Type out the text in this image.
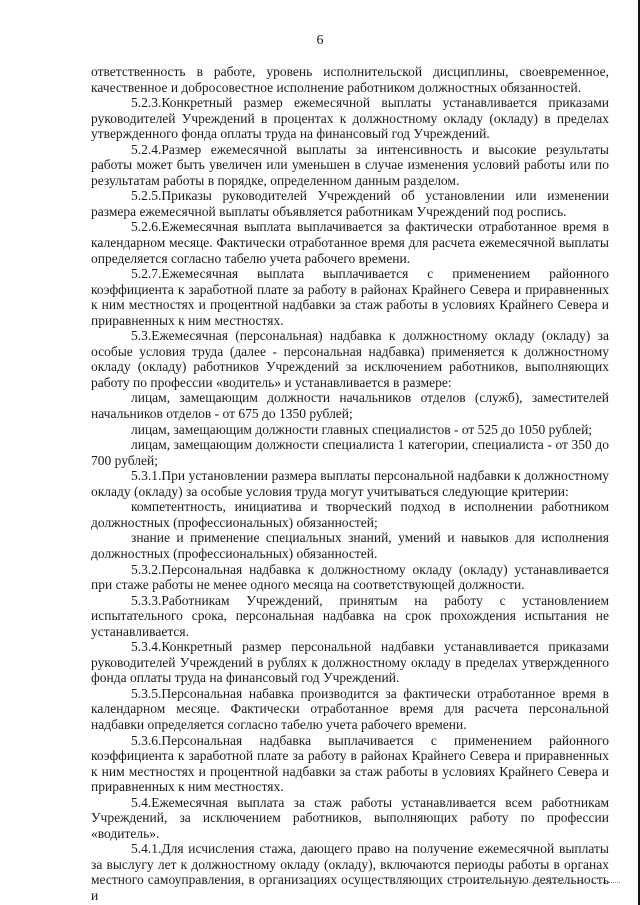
6

ответственность в работе, уровень исполнительской дисциплины, своевременное, качественное и добросовестное исполнение работником должностных обязанностей.

5.2.3.Конкретный размер ежемесячной выплаты устанавливается приказами руководителей Учреждений в процентах к должностному окладу (окладу) в пределах утвержденного фонда оплаты труда на финансовый год Учреждений.

5.2.4.Размер ежемесячной выплаты за интенсивность и высокие результаты работы может быть увеличен или уменьшен в случае изменения условий работы или по результатам работы в порядке, определенном данным разделом.

5.2.5.Приказы руководителей Учреждений об установлении или изменении размера ежемесячной выплаты объявляется работникам Учреждений под роспись.

5.2.6.Ежемесячная выплата выплачивается за фактически отработанное время в календарном месяце. Фактически отработанное время для расчета ежемесячной выплаты определяется согласно табелю учета рабочего времени.

5.2.7.Ежемесячная выплата выплачивается с применением районного коэффициента к заработной плате за работу в районах Крайнего Севера и приравненных к ним местностях и процентной надбавки за стаж работы в условиях Крайнего Севера и приравненных к ним местностях.

5.3.Ежемесячная (персональная) надбавка к должностному окладу (окладу) за особые условия труда (далее - персональная надбавка) применяется к должностному окладу (окладу) работников Учреждений за исключением работников, выполняющих работу по профессии «водитель» и устанавливается в размере:

лицам, замещающим должности начальников отделов (служб), заместителей начальников отделов - от 675 до 1350 рублей;

лицам, замещающим должности главных специалистов - от 525 до 1050 рублей;

лицам, замещающим должности специалиста 1 категории, специалиста - от 350 до 700 рублей;

5.3.1.При установлении размера выплаты персональной надбавки к должностному окладу (окладу) за особые условия труда могут учитываться следующие критерии:

компетентность, инициатива и творческий подход в исполнении работником должностных (профессиональных) обязанностей;

знание и применение специальных знаний, умений и навыков для исполнения должностных (профессиональных) обязанностей.

5.3.2.Персональная надбавка к должностному окладу (окладу) устанавливается при стаже работы не менее одного месяца на соответствующей должности.

5.3.3.Работникам Учреждений, принятым на работу с установлением испытательного срока, персональная надбавка на срок прохождения испытания не устанавливается.

5.3.4.Конкретный размер персональной надбавки устанавливается приказами руководителей Учреждений в рублях к должностному окладу в пределах утвержденного фонда оплаты труда на финансовый год Учреждений.

5.3.5.Персональная набавка производится за фактически отработанное время в календарном месяце. Фактически отработанное время для расчета персональной надбавки определяется согласно табелю учета рабочего времени.

5.3.6.Персональная надбавка выплачивается с применением районного коэффициента к заработной плате за работу в районах Крайнего Севера и приравненных к ним местностях и процентной надбавки за стаж работы в условиях Крайнего Севера и приравненных к ним местностях.

5.4.Ежемесячная выплата за стаж работы устанавливается всем работникам Учреждений, за исключением работников, выполняющих работу по профессии «водитель».

5.4.1.Для исчисления стажа, дающего право на получение ежемесячной выплаты за выслугу лет к должностному окладу (окладу), включаются периоды работы в органах местного самоуправления, в организациях осуществляющих строительную деятельность и
